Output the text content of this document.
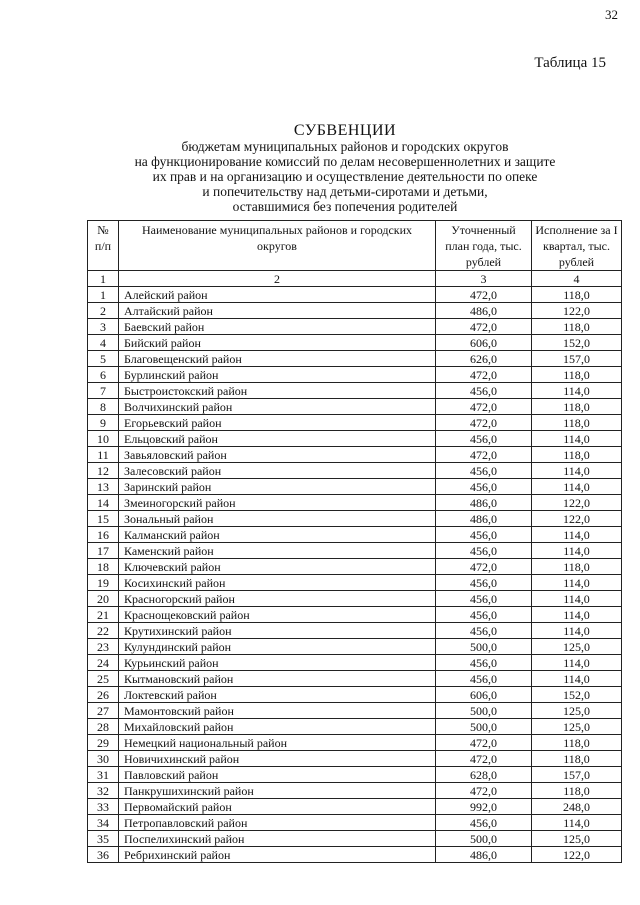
32
Таблица 15
СУБВЕНЦИИ
бюджетам муниципальных районов и городских округов
на функционирование комиссий по делам несовершеннолетних и защите
их прав и на организацию и осуществление деятельности по опеке
и попечительству над детьми-сиротами и детьми,
оставшимися без попечения родителей
№ п/п	Наименование муниципальных районов и городских округов	Уточненный план года, тыс. рублей	Исполнение за I квартал, тыс. рублей
1	2	3	4
1	Алейский район	472,0	118,0
2	Алтайский район	486,0	122,0
3	Баевский район	472,0	118,0
4	Бийский район	606,0	152,0
5	Благовещенский район	626,0	157,0
6	Бурлинский район	472,0	118,0
7	Быстроистокский район	456,0	114,0
8	Волчихинский район	472,0	118,0
9	Егорьевский район	472,0	118,0
10	Ельцовский район	456,0	114,0
11	Завьяловский район	472,0	118,0
12	Залесовский район	456,0	114,0
13	Заринский район	456,0	114,0
14	Змеиногорский район	486,0	122,0
15	Зональный район	486,0	122,0
16	Калманский район	456,0	114,0
17	Каменский район	456,0	114,0
18	Ключевский район	472,0	118,0
19	Косихинский район	456,0	114,0
20	Красногорский район	456,0	114,0
21	Краснощековский район	456,0	114,0
22	Крутихинский район	456,0	114,0
23	Кулундинский район	500,0	125,0
24	Курьинский район	456,0	114,0
25	Кытмановский район	456,0	114,0
26	Локтевский район	606,0	152,0
27	Мамонтовский район	500,0	125,0
28	Михайловский район	500,0	125,0
29	Немецкий национальный район	472,0	118,0
30	Новичихинский район	472,0	118,0
31	Павловский район	628,0	157,0
32	Панкрушихинский район	472,0	118,0
33	Первомайский район	992,0	248,0
34	Петропавловский район	456,0	114,0
35	Поспелихинский район	500,0	125,0
36	Ребрихинский район	486,0	122,0
